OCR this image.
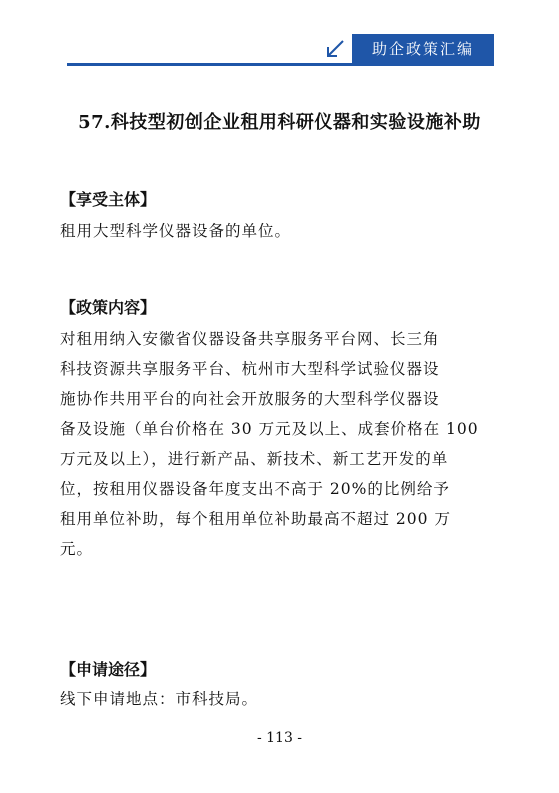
助企政策汇编
57.科技型初创企业租用科研仪器和实验设施补助
【享受主体】
租用大型科学仪器设备的单位。
【政策内容】
对租用纳入安徽省仪器设备共享服务平台网、长三角
科技资源共享服务平台、杭州市大型科学试验仪器设
施协作共用平台的向社会开放服务的大型科学仪器设
备及设施（单台价格在 30 万元及以上、成套价格在 100
万元及以上），进行新产品、新技术、新工艺开发的单
位，按租用仪器设备年度支出不高于 20%的比例给予
租用单位补助，每个租用单位补助最高不超过 200 万
元。
【申请途径】
线下申请地点：市科技局。
- 113 -
